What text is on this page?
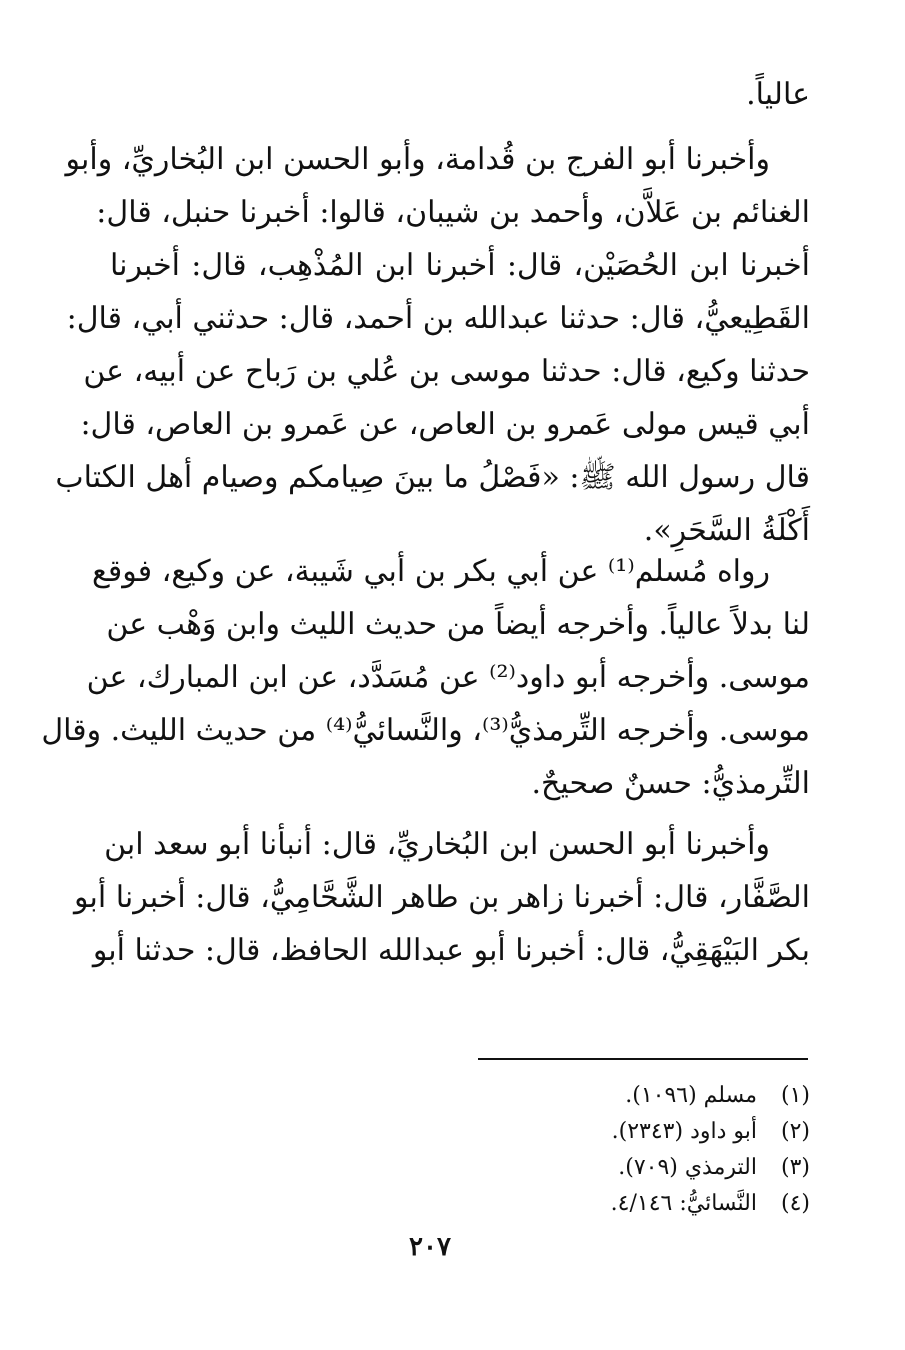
عالياً.
وأخبرنا أبو الفرج بن قُدامة، وأبو الحسن ابن البُخاريِّ، وأبو
الغنائم بن عَلاَّن، وأحمد بن شيبان، قالوا: أخبرنا حنبل، قال:
أخبرنا ابن الحُصَيْن، قال: أخبرنا ابن المُذْهِب، قال: أخبرنا
القَطِيعيُّ، قال: حدثنا عبدالله بن أحمد، قال: حدثني أبي، قال:
حدثنا وكيع، قال: حدثنا موسى بن عُلي بن رَباح عن أبيه، عن
أبي قيس مولى عَمرو بن العاص، عن عَمرو بن العاص، قال:
قال رسول الله ﷺ: «فَصْلُ ما بينَ صِيامكم وصيام أهل الكتاب
أَكْلَةُ السَّحَرِ».
رواه مُسلم⁽¹⁾ عن أبي بكر بن أبي شَيبة، عن وكيع، فوقع
لنا بدلاً عالياً. وأخرجه أيضاً من حديث الليث وابن وَهْب عن
موسى. وأخرجه أبو داود⁽²⁾ عن مُسَدَّد، عن ابن المبارك، عن
موسى. وأخرجه التِّرمذيُّ⁽³⁾، والنَّسائيُّ⁽⁴⁾ من حديث الليث. وقال
التِّرمذيُّ: حسنٌ صحيحٌ.
وأخبرنا أبو الحسن ابن البُخاريِّ، قال: أنبأنا أبو سعد ابن
الصَّفَّار، قال: أخبرنا زاهر بن طاهر الشَّحَّامِيُّ، قال: أخبرنا أبو
بكر البَيْهَقِيُّ، قال: أخبرنا أبو عبدالله الحافظ، قال: حدثنا أبو
(١) مسلم (١٠٩٦).
(٢) أبو داود (٢٣٤٣).
(٣) الترمذي (٧٠٩).
(٤) النَّسائيُّ: ٤/١٤٦.
٢٠٧
